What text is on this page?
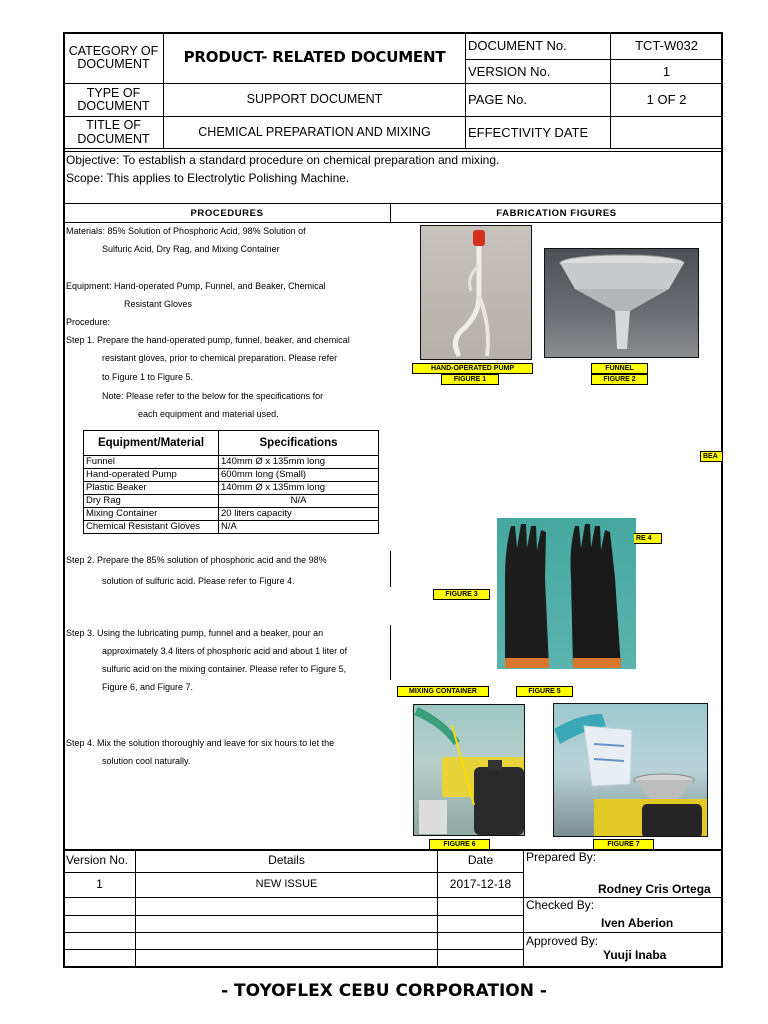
CATEGORY OF DOCUMENT	PRODUCT- RELATED DOCUMENT
DOCUMENT No.	TCT-W032
VERSION No.	1
TYPE OF DOCUMENT	SUPPORT DOCUMENT	PAGE No.	1 OF 2
TITLE OF DOCUMENT	CHEMICAL PREPARATION AND MIXING	EFFECTIVITY DATE
Objective: To establish a standard procedure on chemical preparation and mixing.
Scope: This applies to Electrolytic Polishing Machine.
PROCEDURES	FABRICATION FIGURES
Materials: 85% Solution of Phosphoric Acid, 98% Solution of
Sulfuric Acid, Dry Rag, and Mixing Container
Equipment: Hand-operated Pump, Funnel, and Beaker, Chemical
Resistant Gloves
Procedure:
Step 1. Prepare the hand-operated pump, funnel, beaker, and chemical
resistant gloves, prior to chemical preparation. Please refer
to Figure 1 to Figure 5.
Note: Please refer to the below for the specifications for
each equipment and material used.
Equipment/Material	Specifications
Funnel	140mm Ø x 135mm long
Hand-operated Pump	600mm long (Small)
Plastic Beaker	140mm Ø x 135mm long
Dry Rag	N/A
Mixing Container	20 liters capacity
Chemical Resistant Gloves	N/A
Step 2. Prepare the 85% solution of phosphoric acid and the 98%
solution of sulfuric acid. Please refer to Figure 4.
Step 3. Using the lubricating pump, funnel and a beaker, pour an
approximately 3.4 liters of phosphoric acid and about 1 liter of
sulfuric acid on the mixing container. Please refer to Figure 5,
Figure 6, and Figure 7.
Step 4. Mix the solution thoroughly and leave for six hours to let the
solution cool naturally.
HAND-OPERATED PUMP
FIGURE 1
FUNNEL
FIGURE 2
BEA
RE 4
FIGURE 3
MIXING CONTAINER	FIGURE 5
FIGURE 6	FIGURE 7
Version No.	Details	Date
1	NEW ISSUE	2017-12-18
Prepared By:
Rodney Cris Ortega
Checked By:
Iven Aberion
Approved By:
Yuuji Inaba
- TOYOFLEX CEBU CORPORATION -
